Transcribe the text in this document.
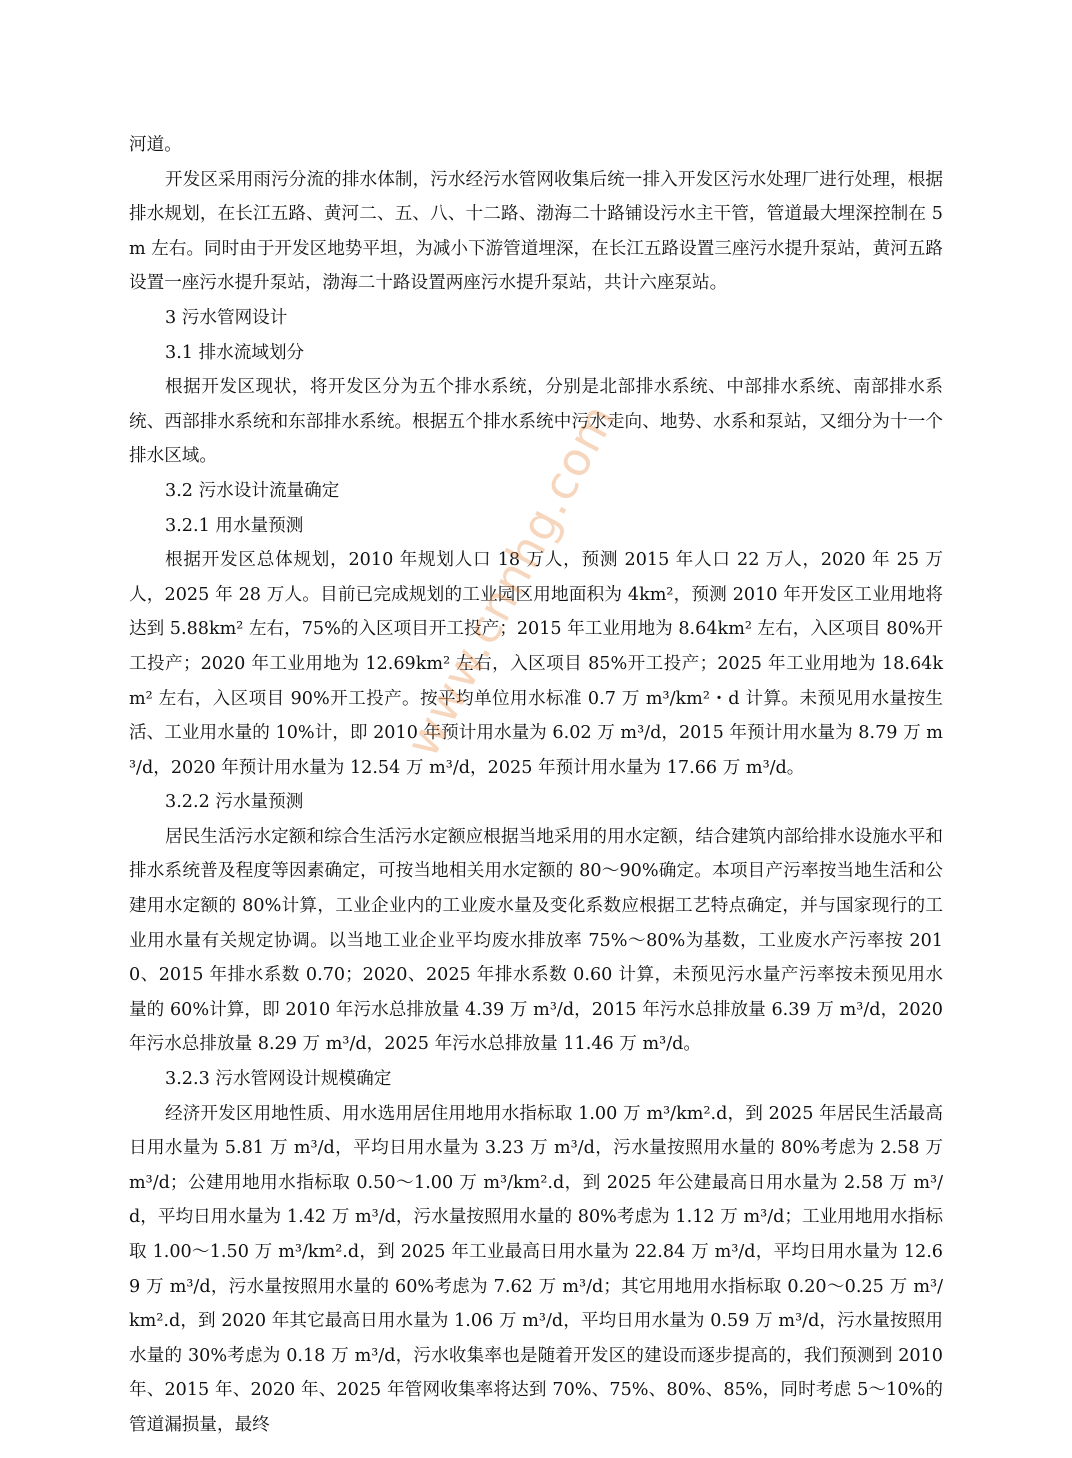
河道。

开发区采用雨污分流的排水体制，污水经污水管网收集后统一排入开发区污水处理厂进行处理，根据排水规划，在长江五路、黄河二、五、八、十二路、渤海二十路铺设污水主干管，管道最大埋深控制在 5m 左右。同时由于开发区地势平坦，为减小下游管道埋深，在长江五路设置三座污水提升泵站，黄河五路设置一座污水提升泵站，渤海二十路设置两座污水提升泵站，共计六座泵站。

3 污水管网设计

3.1 排水流域划分

根据开发区现状，将开发区分为五个排水系统，分别是北部排水系统、中部排水系统、南部排水系统、西部排水系统和东部排水系统。根据五个排水系统中污水走向、地势、水系和泵站，又细分为十一个排水区域。

3.2 污水设计流量确定

3.2.1 用水量预测

根据开发区总体规划，2010 年规划人口 18 万人，预测 2015 年人口 22 万人，2020 年 25 万人，2025 年 28 万人。目前已完成规划的工业园区用地面积为 4km²，预测 2010 年开发区工业用地将达到 5.88km² 左右，75%的入区项目开工投产；2015 年工业用地为 8.64km² 左右，入区项目 80%开工投产；2020 年工业用地为 12.69km² 左右，入区项目 85%开工投产；2025 年工业用地为 18.64km² 左右，入区项目 90%开工投产。按平均单位用水标准 0.7 万 m³/km²・d 计算。未预见用水量按生活、工业用水量的 10%计，即 2010 年预计用水量为 6.02 万 m³/d，2015 年预计用水量为 8.79 万 m³/d，2020 年预计用水量为 12.54 万 m³/d，2025 年预计用水量为 17.66 万 m³/d。

3.2.2 污水量预测

居民生活污水定额和综合生活污水定额应根据当地采用的用水定额，结合建筑内部给排水设施水平和排水系统普及程度等因素确定，可按当地相关用水定额的 80～90%确定。本项目产污率按当地生活和公建用水定额的 80%计算，工业企业内的工业废水量及变化系数应根据工艺特点确定，并与国家现行的工业用水量有关规定协调。以当地工业企业平均废水排放率 75%～80%为基数，工业废水产污率按 2010、2015 年排水系数 0.70；2020、2025 年排水系数 0.60 计算，未预见污水量产污率按未预见用水量的 60%计算，即 2010 年污水总排放量 4.39 万 m³/d，2015 年污水总排放量 6.39 万 m³/d，2020 年污水总排放量 8.29 万 m³/d，2025 年污水总排放量 11.46 万 m³/d。

3.2.3 污水管网设计规模确定

经济开发区用地性质、用水选用居住用地用水指标取 1.00 万 m³/km².d，到 2025 年居民生活最高日用水量为 5.81 万 m³/d，平均日用水量为 3.23 万 m³/d，污水量按照用水量的 80%考虑为 2.58 万 m³/d；公建用地用水指标取 0.50～1.00 万 m³/km².d，到 2025 年公建最高日用水量为 2.58 万 m³/d，平均日用水量为 1.42 万 m³/d，污水量按照用水量的 80%考虑为 1.12 万 m³/d；工业用地用水指标取 1.00～1.50 万 m³/km².d，到 2025 年工业最高日用水量为 22.84 万 m³/d，平均日用水量为 12.69 万 m³/d，污水量按照用水量的 60%考虑为 7.62 万 m³/d；其它用地用水指标取 0.20～0.25 万 m³/km².d，到 2020 年其它最高日用水量为 1.06 万 m³/d，平均日用水量为 0.59 万 m³/d，污水量按照用水量的 30%考虑为 0.18 万 m³/d，污水收集率也是随着开发区的建设而逐步提高的，我们预测到 2010 年、2015 年、2020 年、2025 年管网收集率将达到 70%、75%、80%、85%，同时考虑 5～10%的管道漏损量，最终

www.cnnhg.com
